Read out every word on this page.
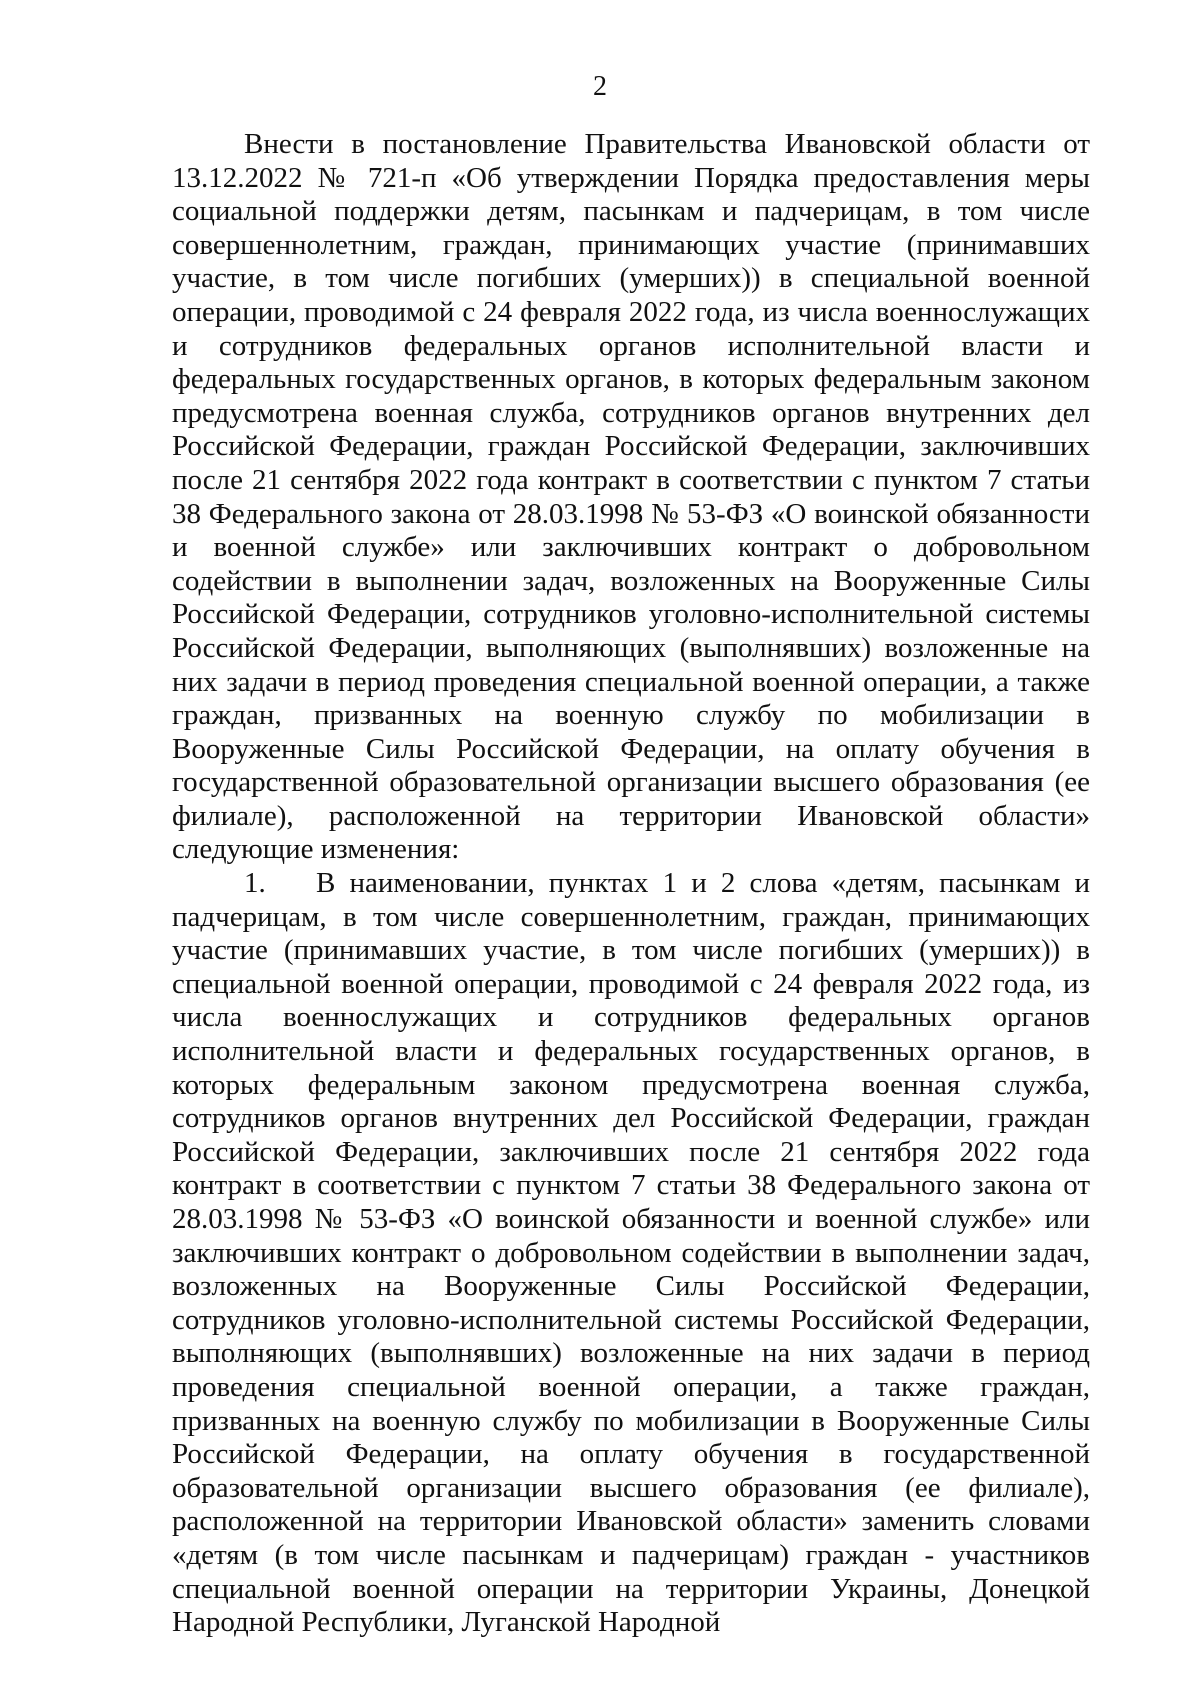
2

Внести в постановление Правительства Ивановской области от 13.12.2022 № 721-п «Об утверждении Порядка предоставления меры социальной поддержки детям, пасынкам и падчерицам, в том числе совершеннолетним, граждан, принимающих участие (принимавших участие, в том числе погибших (умерших)) в специальной военной операции, проводимой с 24 февраля 2022 года, из числа военнослужащих и сотрудников федеральных органов исполнительной власти и федеральных государственных органов, в которых федеральным законом предусмотрена военная служба, сотрудников органов внутренних дел Российской Федерации, граждан Российской Федерации, заключивших после 21 сентября 2022 года контракт в соответствии с пунктом 7 статьи 38 Федерального закона от 28.03.1998 № 53-ФЗ «О воинской обязанности и военной службе» или заключивших контракт о добровольном содействии в выполнении задач, возложенных на Вооруженные Силы Российской Федерации, сотрудников уголовно-исполнительной системы Российской Федерации, выполняющих (выполнявших) возложенные на них задачи в период проведения специальной военной операции, а также граждан, призванных на военную службу по мобилизации в Вооруженные Силы Российской Федерации, на оплату обучения в государственной образовательной организации высшего образования (ее филиале), расположенной на территории Ивановской области» следующие изменения:

1. В наименовании, пунктах 1 и 2 слова «детям, пасынкам и падчерицам, в том числе совершеннолетним, граждан, принимающих участие (принимавших участие, в том числе погибших (умерших)) в специальной военной операции, проводимой с 24 февраля 2022 года, из числа военнослужащих и сотрудников федеральных органов исполнительной власти и федеральных государственных органов, в которых федеральным законом предусмотрена военная служба, сотрудников органов внутренних дел Российской Федерации, граждан Российской Федерации, заключивших после 21 сентября 2022 года контракт в соответствии с пунктом 7 статьи 38 Федерального закона от 28.03.1998 № 53-ФЗ «О воинской обязанности и военной службе» или заключивших контракт о добровольном содействии в выполнении задач, возложенных на Вооруженные Силы Российской Федерации, сотрудников уголовно-исполнительной системы Российской Федерации, выполняющих (выполнявших) возложенные на них задачи в период проведения специальной военной операции, а также граждан, призванных на военную службу по мобилизации в Вооруженные Силы Российской Федерации, на оплату обучения в государственной образовательной организации высшего образования (ее филиале), расположенной на территории Ивановской области» заменить словами «детям (в том числе пасынкам и падчерицам) граждан - участников специальной военной операции на территории Украины, Донецкой Народной Республики, Луганской Народной
